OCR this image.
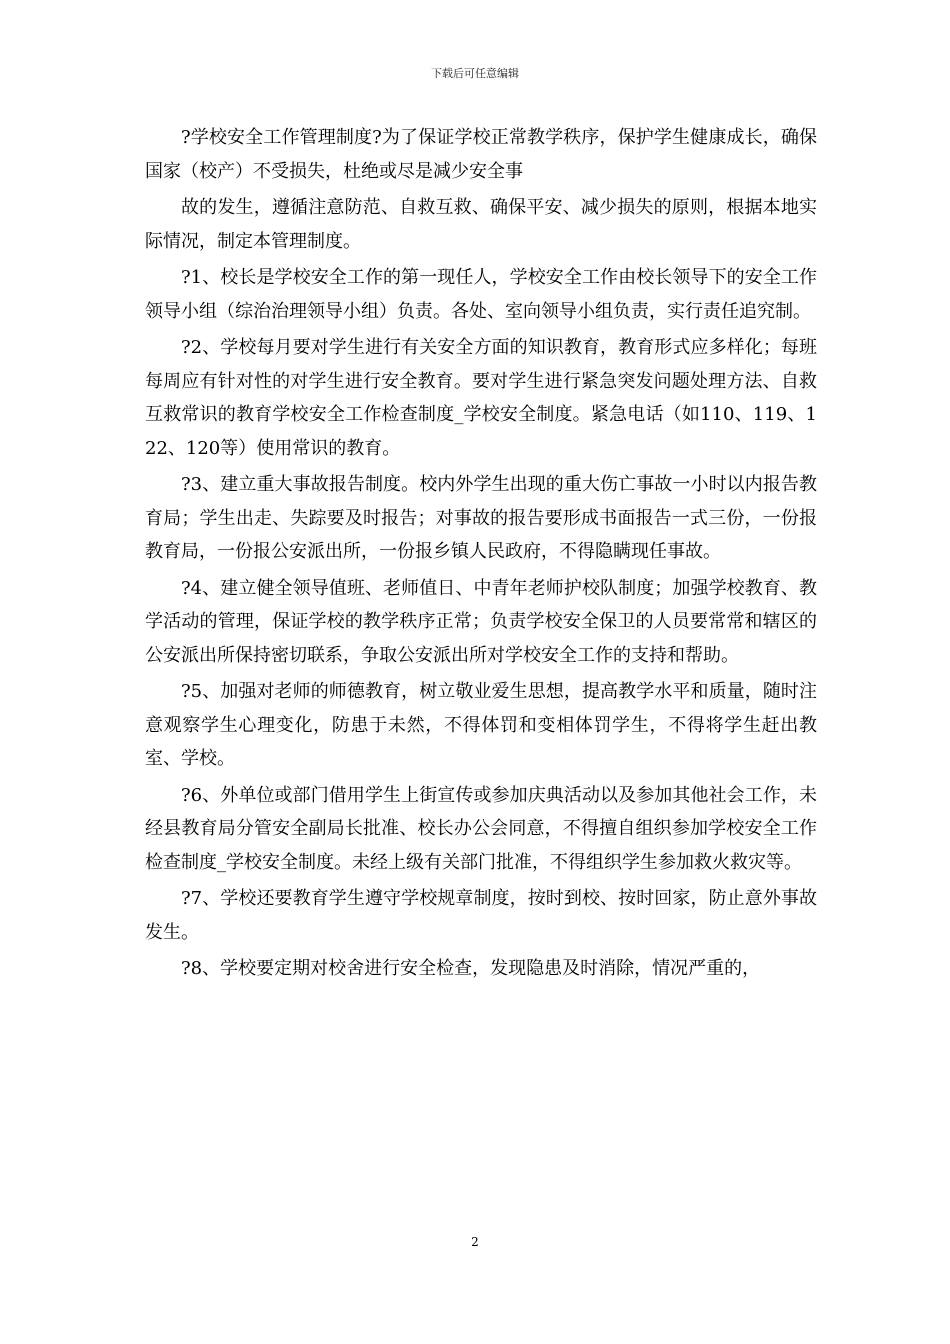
下载后可任意编辑

?学校安全工作管理制度?为了保证学校正常教学秩序，保护学生健康成长，确保国家（校产）不受损失，杜绝或尽是减少安全事

故的发生，遵循注意防范、自救互救、确保平安、减少损失的原则，根据本地实际情况，制定本管理制度。

?1、校长是学校安全工作的第一现任人，学校安全工作由校长领导下的安全工作领导小组（综治治理领导小组）负责。各处、室向领导小组负责，实行责任追究制。

?2、学校每月要对学生进行有关安全方面的知识教育，教育形式应多样化；每班每周应有针对性的对学生进行安全教育。要对学生进行紧急突发问题处理方法、自救互救常识的教育学校安全工作检查制度_学校安全制度。紧急电话（如110、119、122、120等）使用常识的教育。

?3、建立重大事故报告制度。校内外学生出现的重大伤亡事故一小时以内报告教育局；学生出走、失踪要及时报告；对事故的报告要形成书面报告一式三份，一份报教育局，一份报公安派出所，一份报乡镇人民政府，不得隐瞒现任事故。

?4、建立健全领导值班、老师值日、中青年老师护校队制度；加强学校教育、教学活动的管理，保证学校的教学秩序正常；负责学校安全保卫的人员要常常和辖区的公安派出所保持密切联系，争取公安派出所对学校安全工作的支持和帮助。

?5、加强对老师的师德教育，树立敬业爱生思想，提高教学水平和质量，随时注意观察学生心理变化，防患于未然，不得体罚和变相体罚学生，不得将学生赶出教室、学校。

?6、外单位或部门借用学生上街宣传或参加庆典活动以及参加其他社会工作，未经县教育局分管安全副局长批准、校长办公会同意，不得擅自组织参加学校安全工作检查制度_学校安全制度。未经上级有关部门批准，不得组织学生参加救火救灾等。

?7、学校还要教育学生遵守学校规章制度，按时到校、按时回家，防止意外事故发生。

?8、学校要定期对校舍进行安全检查，发现隐患及时消除，情况严重的，

2
